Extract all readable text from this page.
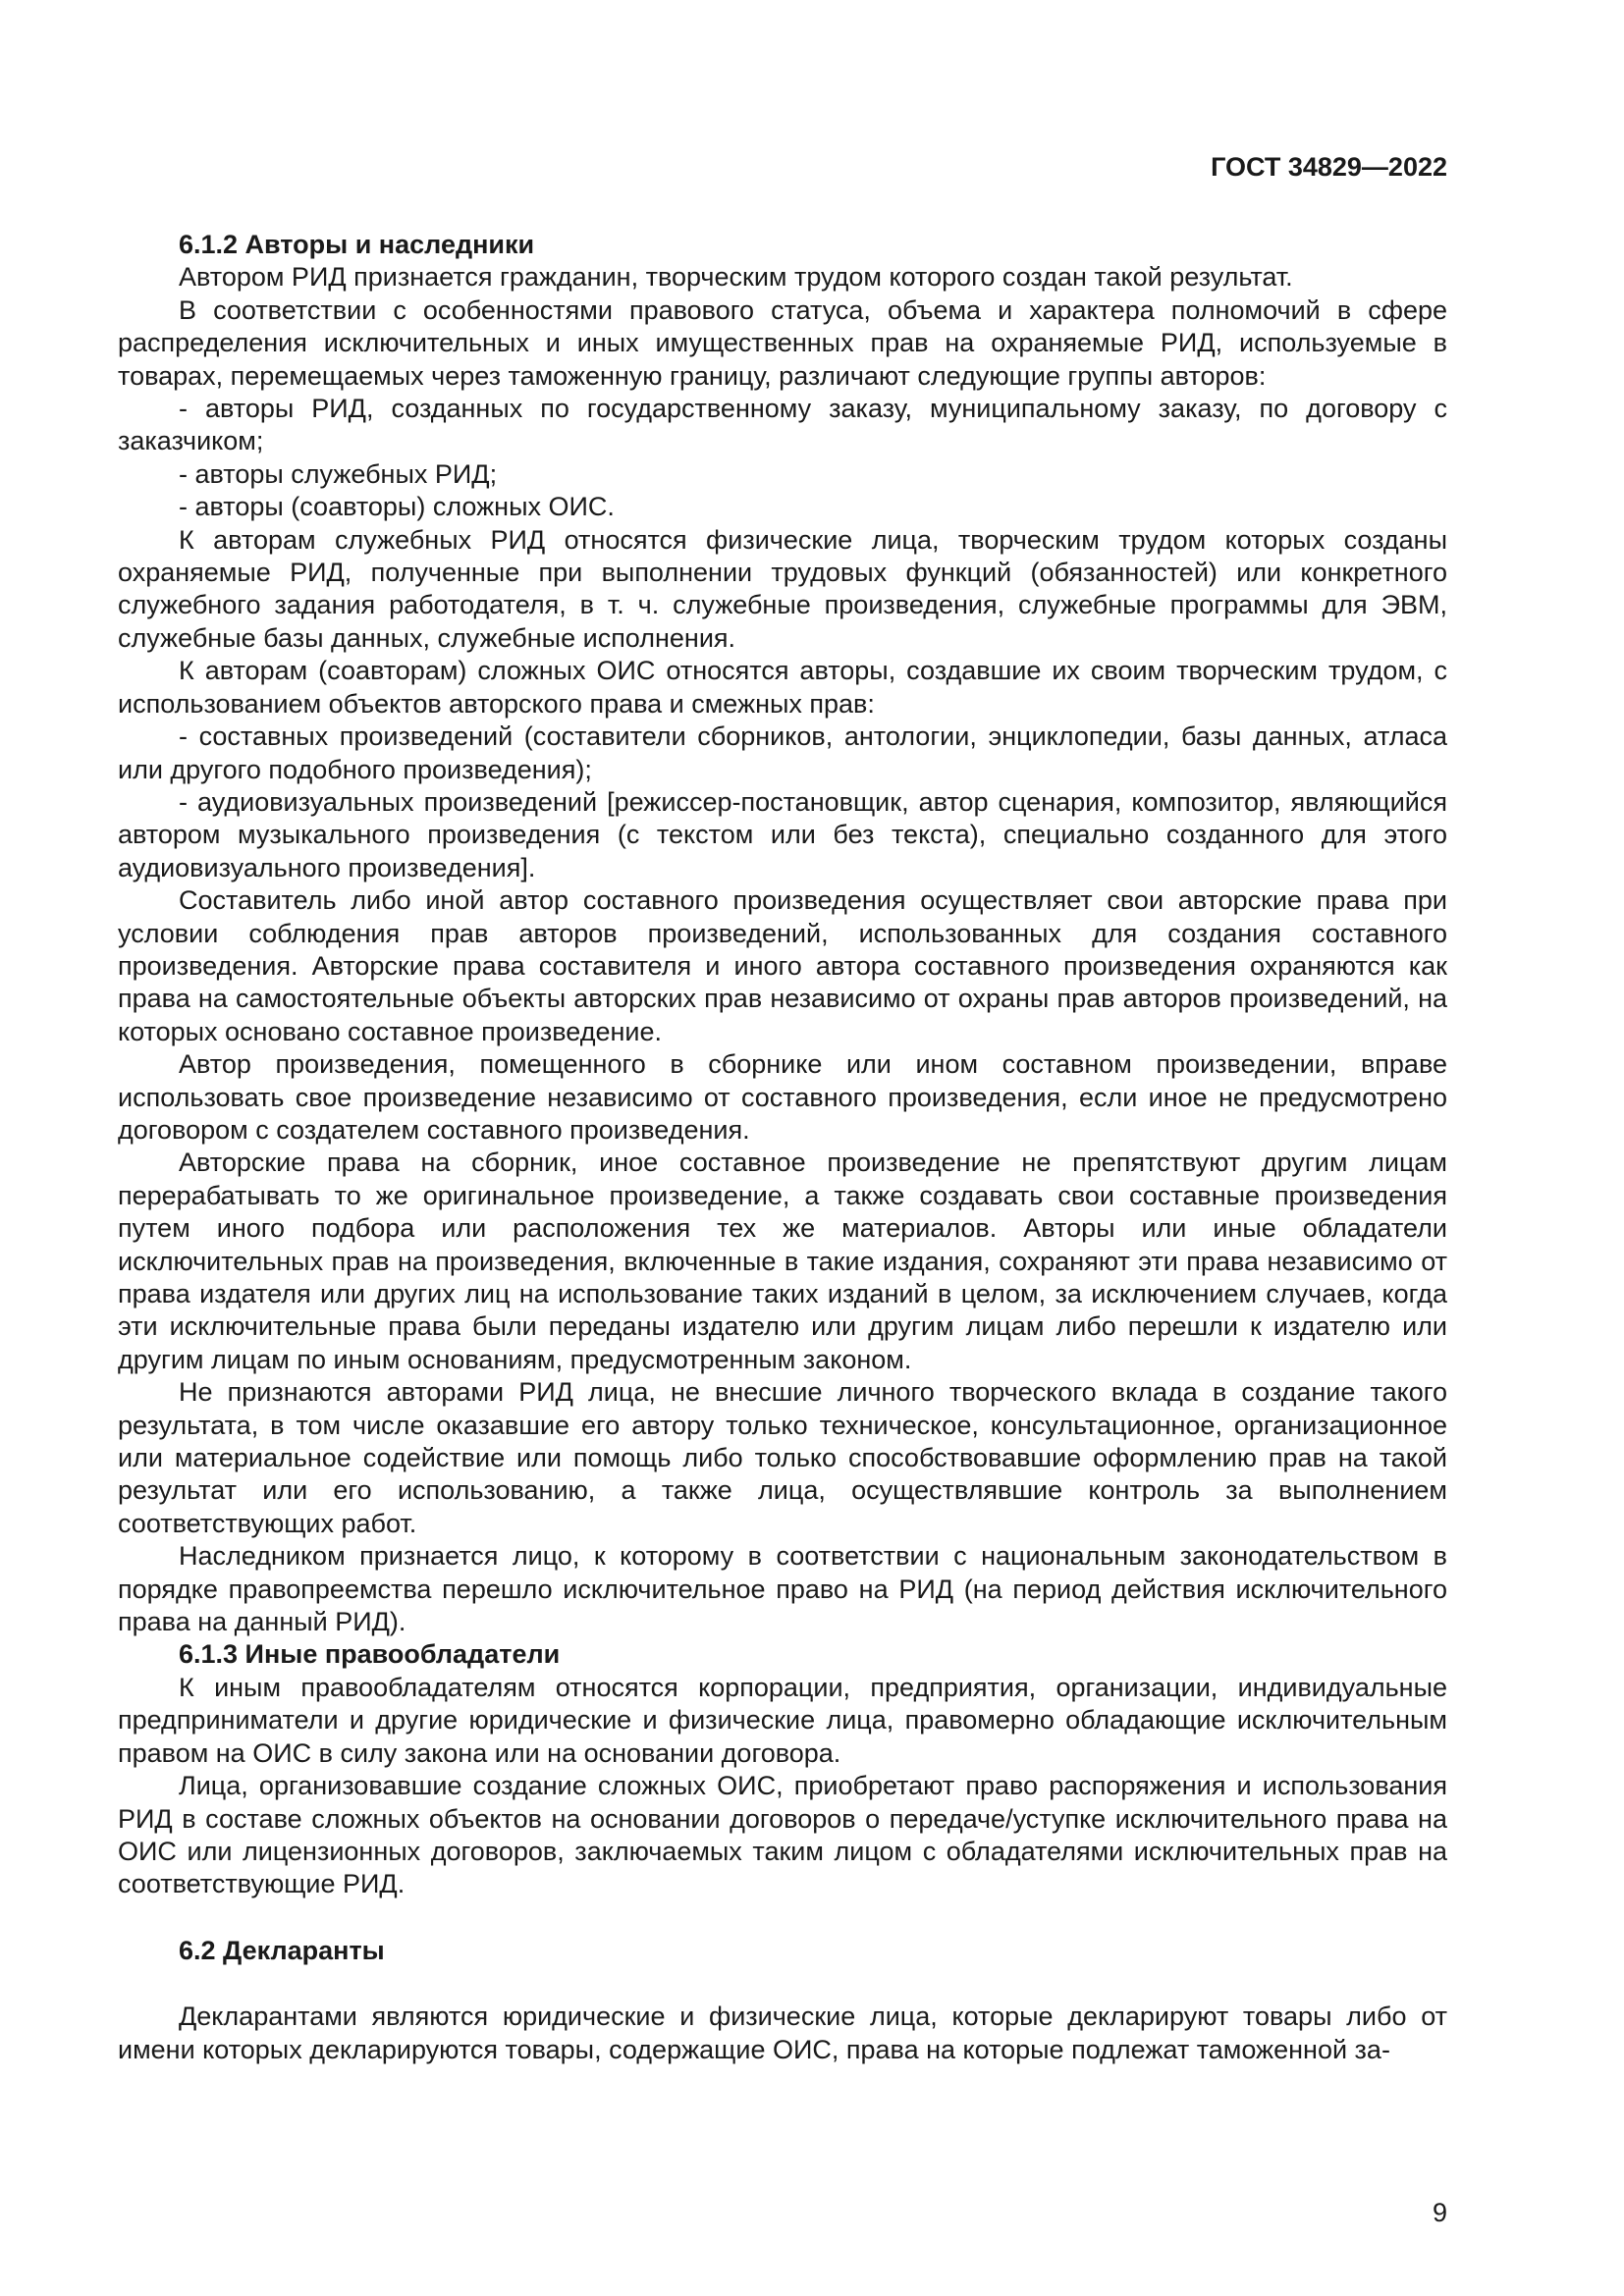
ГОСТ 34829—2022

6.1.2 Авторы и наследники

Автором РИД признается гражданин, творческим трудом которого создан такой результат.

В соответствии с особенностями правового статуса, объема и характера полномочий в сфере распределения исключительных и иных имущественных прав на охраняемые РИД, используемые в товарах, перемещаемых через таможенную границу, различают следующие группы авторов:

- авторы РИД, созданных по государственному заказу, муниципальному заказу, по договору с заказчиком;

- авторы служебных РИД;

- авторы (соавторы) сложных ОИС.

К авторам служебных РИД относятся физические лица, творческим трудом которых созданы охраняемые РИД, полученные при выполнении трудовых функций (обязанностей) или конкретного служебного задания работодателя, в т. ч. служебные произведения, служебные программы для ЭВМ, служебные базы данных, служебные исполнения.

К авторам (соавторам) сложных ОИС относятся авторы, создавшие их своим творческим трудом, с использованием объектов авторского права и смежных прав:

- составных произведений (составители сборников, антологии, энциклопедии, базы данных, атласа или другого подобного произведения);

- аудиовизуальных произведений [режиссер-постановщик, автор сценария, композитор, являющийся автором музыкального произведения (с текстом или без текста), специально созданного для этого аудиовизуального произведения].

Составитель либо иной автор составного произведения осуществляет свои авторские права при условии соблюдения прав авторов произведений, использованных для создания составного произведения. Авторские права составителя и иного автора составного произведения охраняются как права на самостоятельные объекты авторских прав независимо от охраны прав авторов произведений, на которых основано составное произведение.

Автор произведения, помещенного в сборнике или ином составном произведении, вправе использовать свое произведение независимо от составного произведения, если иное не предусмотрено договором с создателем составного произведения.

Авторские права на сборник, иное составное произведение не препятствуют другим лицам перерабатывать то же оригинальное произведение, а также создавать свои составные произведения путем иного подбора или расположения тех же материалов. Авторы или иные обладатели исключительных прав на произведения, включенные в такие издания, сохраняют эти права независимо от права издателя или других лиц на использование таких изданий в целом, за исключением случаев, когда эти исключительные права были переданы издателю или другим лицам либо перешли к издателю или другим лицам по иным основаниям, предусмотренным законом.

Не признаются авторами РИД лица, не внесшие личного творческого вклада в создание такого результата, в том числе оказавшие его автору только техническое, консультационное, организационное или материальное содействие или помощь либо только способствовавшие оформлению прав на такой результат или его использованию, а также лица, осуществлявшие контроль за выполнением соответствующих работ.

Наследником признается лицо, к которому в соответствии с национальным законодательством в порядке правопреемства перешло исключительное право на РИД (на период действия исключительного права на данный РИД).

6.1.3 Иные правообладатели

К иным правообладателям относятся корпорации, предприятия, организации, индивидуальные предприниматели и другие юридические и физические лица, правомерно обладающие исключительным правом на ОИС в силу закона или на основании договора.

Лица, организовавшие создание сложных ОИС, приобретают право распоряжения и использования РИД в составе сложных объектов на основании договоров о передаче/уступке исключительного права на ОИС или лицензионных договоров, заключаемых таким лицом с обладателями исключительных прав на соответствующие РИД.

6.2 Декларанты

Декларантами являются юридические и физические лица, которые декларируют товары либо от имени которых декларируются товары, содержащие ОИС, права на которые подлежат таможенной за-

9
